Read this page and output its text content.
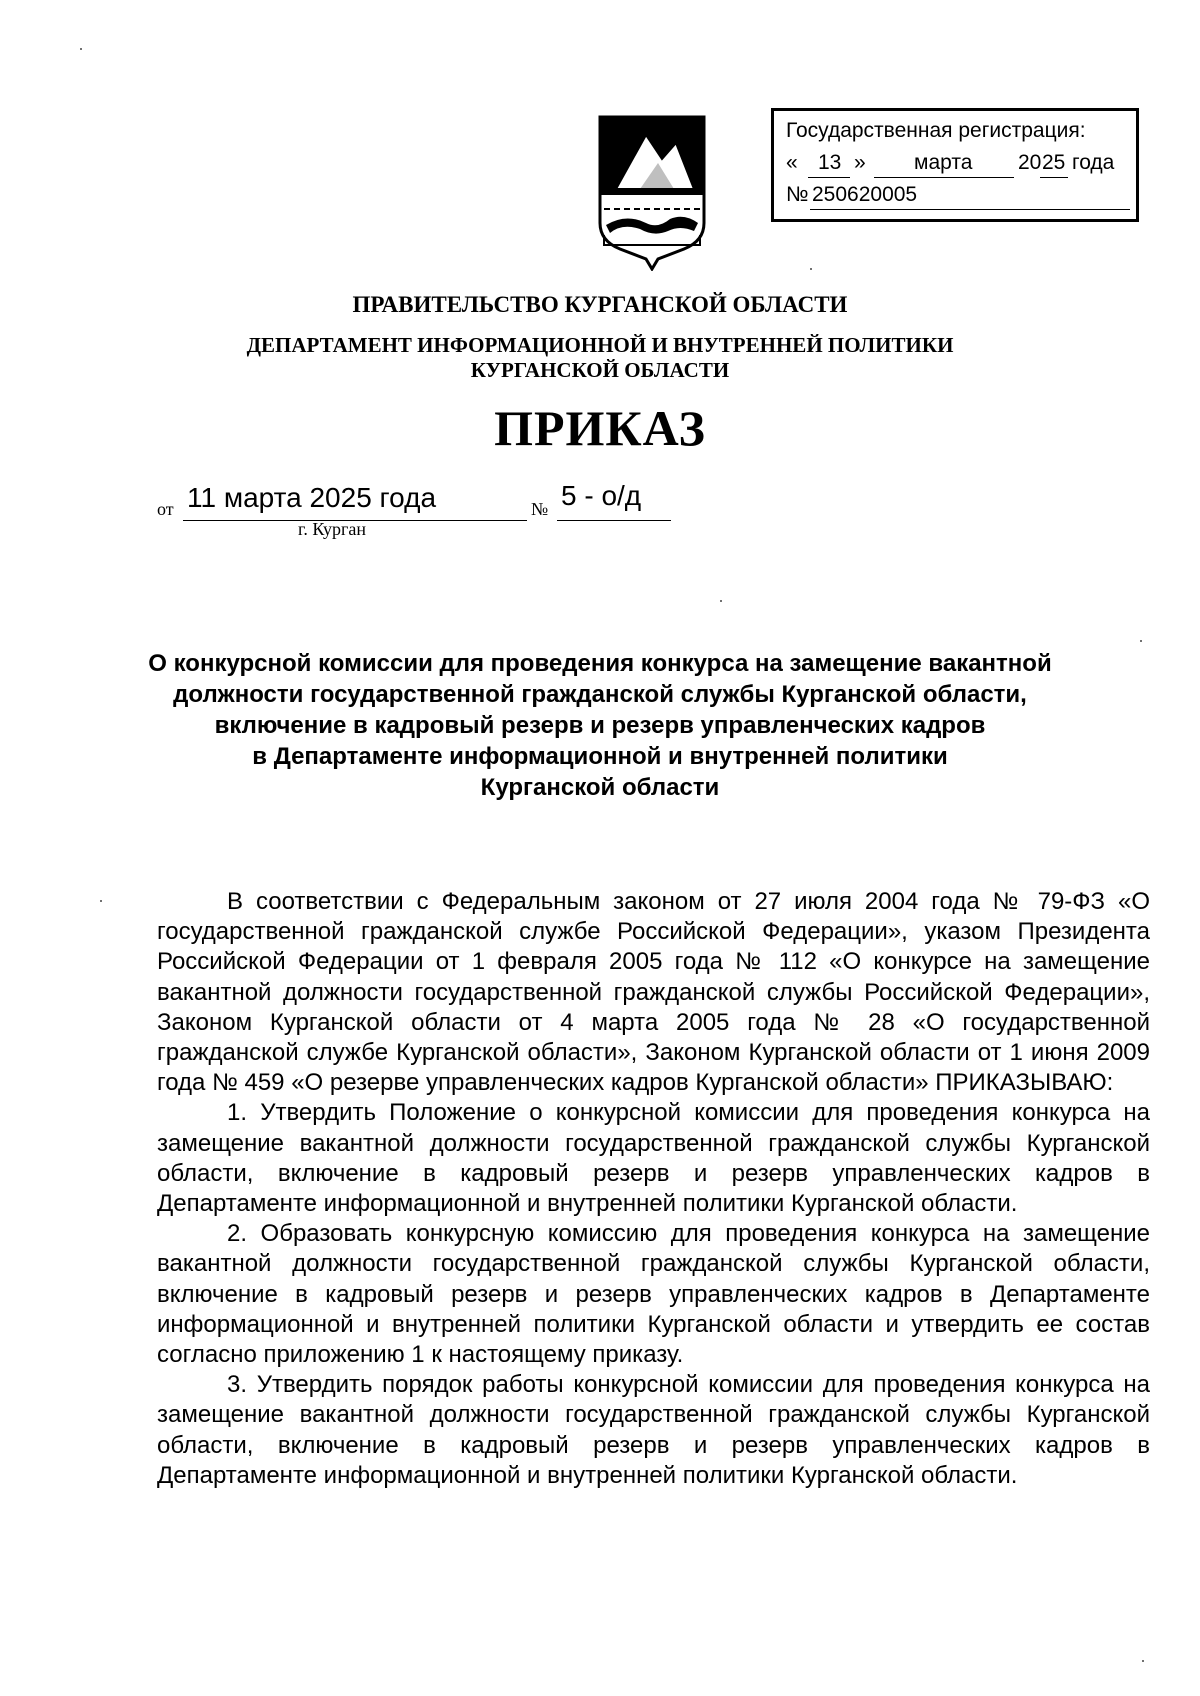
Государственная регистрация:
« 13 » марта 20 25 года
№ 250620005
ПРАВИТЕЛЬСТВО КУРГАНСКОЙ ОБЛАСТИ
ДЕПАРТАМЕНТ ИНФОРМАЦИОННОЙ И ВНУТРЕННЕЙ ПОЛИТИКИ
КУРГАНСКОЙ ОБЛАСТИ
ПРИКАЗ
от 11 марта 2025 года	№ 5 - о/д
г. Курган
О конкурсной комиссии для проведения конкурса на замещение вакантной
должности государственной гражданской службы Курганской области,
включение в кадровый резерв и резерв управленческих кадров
в Департаменте информационной и внутренней политики
Курганской области
В соответствии с Федеральным законом от 27 июля 2004 года № 79-ФЗ «О государственной гражданской службе Российской Федерации», указом Президента Российской Федерации от 1 февраля 2005 года № 112 «О конкурсе на замещение вакантной должности государственной гражданской службы Российской Федерации», Законом Курганской области от 4 марта 2005 года № 28 «О государственной гражданской службе Курганской области», Законом Курганской области от 1 июня 2009 года № 459 «О резерве управленческих кадров Курганской области» ПРИКАЗЫВАЮ:
1. Утвердить Положение о конкурсной комиссии для проведения конкурса на замещение вакантной должности государственной гражданской службы Курганской области, включение в кадровый резерв и резерв управленческих кадров в Департаменте информационной и внутренней политики Курганской области.
2. Образовать конкурсную комиссию для проведения конкурса на замещение вакантной должности государственной гражданской службы Курганской области, включение в кадровый резерв и резерв управленческих кадров в Департаменте информационной и внутренней политики Курганской области и утвердить ее состав согласно приложению 1 к настоящему приказу.
3. Утвердить порядок работы конкурсной комиссии для проведения конкурса на замещение вакантной должности государственной гражданской службы Курганской области, включение в кадровый резерв и резерв управленческих кадров в Департаменте информационной и внутренней политики Курганской области.
